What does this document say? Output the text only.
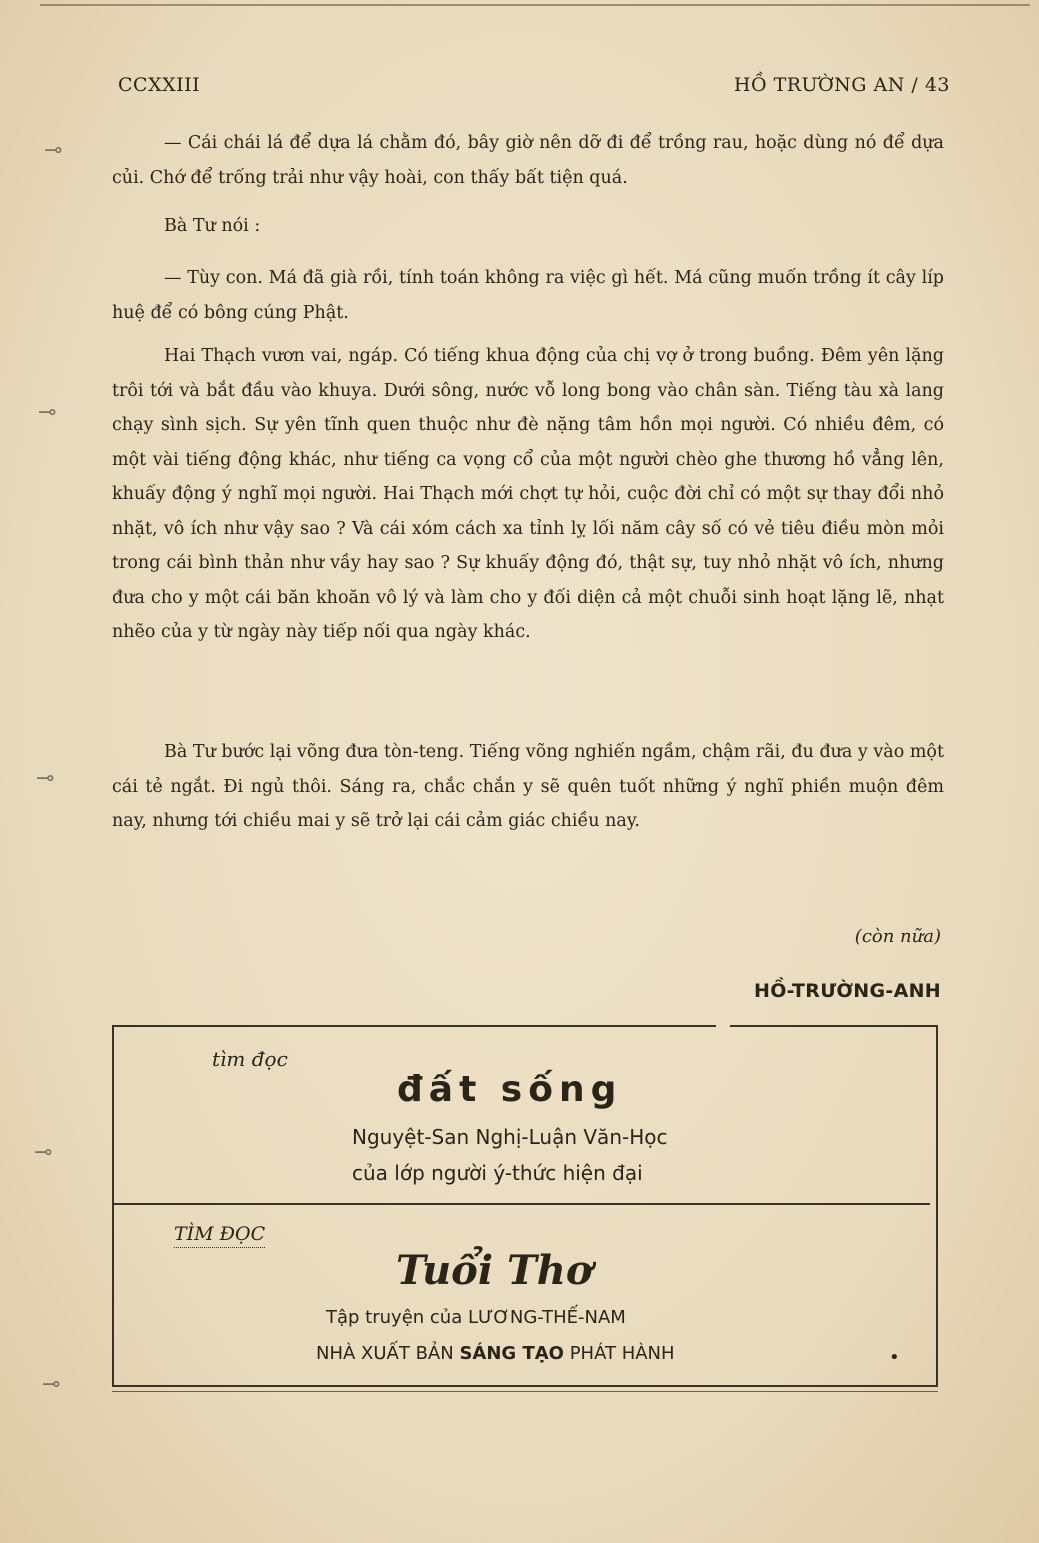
⊸
⊸
⊸
⊸
⊸
CCXXIII	HỒ TRƯỜNG AN / 43

— Cái chái lá để dựa lá chằm đó, bây giờ nên dỡ đi để trồng rau, hoặc dùng nó để dựa củi. Chớ để trống trải như vậy hoài, con thấy bất tiện quá.

Bà Tư nói :

— Tùy con. Má đã già rồi, tính toán không ra việc gì hết. Má cũng muốn trồng ít cây líp huệ để có bông cúng Phật.

Hai Thạch vươn vai, ngáp. Có tiếng khua động của chị vợ ở trong buồng. Đêm yên lặng trôi tới và bắt đầu vào khuya. Dưới sông, nước vỗ long bong vào chân sàn. Tiếng tàu xà lang chạy sình sịch. Sự yên tĩnh quen thuộc như đè nặng tâm hồn mọi người. Có nhiều đêm, có một vài tiếng động khác, như tiếng ca vọng cổ của một người chèo ghe thương hồ vẳng lên, khuấy động ý nghĩ mọi người. Hai Thạch mới chợt tự hỏi, cuộc đời chỉ có một sự thay đổi nhỏ nhặt, vô ích như vậy sao ? Và cái xóm cách xa tỉnh lỵ lối năm cây số có vẻ tiêu điều mòn mỏi trong cái bình thản như vầy hay sao ? Sự khuấy động đó, thật sự, tuy nhỏ nhặt vô ích, nhưng đưa cho y một cái băn khoăn vô lý và làm cho y đối diện cả một chuỗi sinh hoạt lặng lẽ, nhạt nhẽo của y từ ngày này tiếp nối qua ngày khác.

Bà Tư bước lại võng đưa tòn-teng. Tiếng võng nghiến ngầm, chậm rãi, đu đưa y vào một cái tẻ ngắt. Đi ngủ thôi. Sáng ra, chắc chắn y sẽ quên tuốt những ý nghĩ phiền muộn đêm nay, nhưng tới chiều mai y sẽ trở lại cái cảm giác chiều nay.

(còn nữa)
HỒ-TRƯỜNG-ANH
tìm đọc
đất sống
Nguyệt-San Nghị-Luận Văn-Học
của lớp người ý-thức hiện đại
TÌM ĐỌC
Tuổi Thơ
Tập truyện của LƯƠNG-THẾ-NAM
NHÀ XUẤT BẢN SÁNG TẠO PHÁT HÀNH	•
